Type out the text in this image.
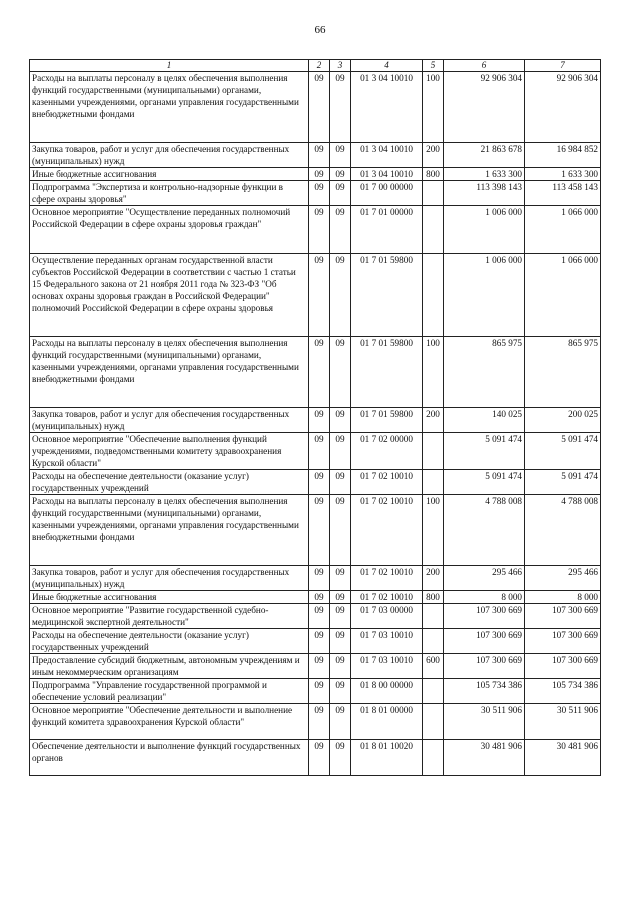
66
1	2	3	4	5	6	7
Расходы на выплаты персоналу в целях обеспечения выполнения функций государственными (муниципальными) органами, казенными учреждениями, органами управления государственными внебюджетными фондами	09	09	01 3 04 10010	100	92 906 304	92 906 304
Закупка товаров, работ и услуг для обеспечения государственных (муниципальных) нужд	09	09	01 3 04 10010	200	21 863 678	16 984 852
Иные бюджетные ассигнования	09	09	01 3 04 10010	800	1 633 300	1 633 300
Подпрограмма "Экспертиза и контрольно-надзорные функции в сфере охраны здоровья"	09	09	01 7 00 00000		113 398 143	113 458 143
Основное мероприятие "Осуществление переданных полномочий Российской Федерации в сфере охраны здоровья граждан"	09	09	01 7 01 00000		1 006 000	1 066 000
Осуществление переданных органам государственной власти субъектов Российской Федерации в соответствии с частью 1 статьи 15 Федерального закона от 21 ноября 2011 года № 323-ФЗ "Об основах охраны здоровья граждан в Российской Федерации" полномочий Российской Федерации в сфере охраны здоровья	09	09	01 7 01 59800		1 006 000	1 066 000
Расходы на выплаты персоналу в целях обеспечения выполнения функций государственными (муниципальными) органами, казенными учреждениями, органами управления государственными внебюджетными фондами	09	09	01 7 01 59800	100	865 975	865 975
Закупка товаров, работ и услуг для обеспечения государственных (муниципальных) нужд	09	09	01 7 01 59800	200	140 025	200 025
Основное мероприятие "Обеспечение выполнения функций учреждениями, подведомственными комитету здравоохранения Курской области"	09	09	01 7 02 00000		5 091 474	5 091 474
Расходы на обеспечение деятельности (оказание услуг) государственных учреждений	09	09	01 7 02 10010		5 091 474	5 091 474
Расходы на выплаты персоналу в целях обеспечения выполнения функций государственными (муниципальными) органами, казенными учреждениями, органами управления государственными внебюджетными фондами	09	09	01 7 02 10010	100	4 788 008	4 788 008
Закупка товаров, работ и услуг для обеспечения государственных (муниципальных) нужд	09	09	01 7 02 10010	200	295 466	295 466
Иные бюджетные ассигнования	09	09	01 7 02 10010	800	8 000	8 000
Основное мероприятие "Развитие государственной судебно-медицинской экспертной деятельности"	09	09	01 7 03 00000		107 300 669	107 300 669
Расходы на обеспечение деятельности (оказание услуг) государственных учреждений	09	09	01 7 03 10010		107 300 669	107 300 669
Предоставление субсидий бюджетным, автономным учреждениям и иным некоммерческим организациям	09	09	01 7 03 10010	600	107 300 669	107 300 669
Подпрограмма "Управление государственной программой и обеспечение условий реализации"	09	09	01 8 00 00000		105 734 386	105 734 386
Основное мероприятие "Обеспечение деятельности и выполнение функций комитета здравоохранения Курской области"	09	09	01 8 01 00000		30 511 906	30 511 906
Обеспечение деятельности и выполнение функций государственных органов	09	09	01 8 01 10020		30 481 906	30 481 906
